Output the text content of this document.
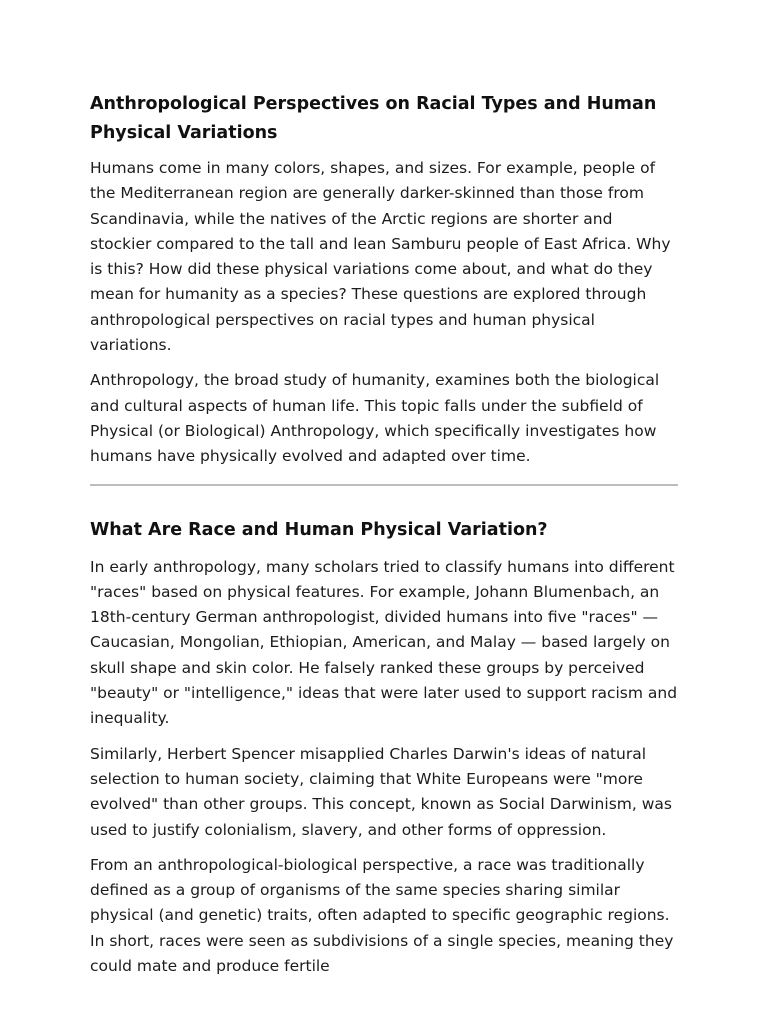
Anthropological Perspectives on Racial Types and Human Physical Variations

Humans come in many colors, shapes, and sizes. For example, people of the Mediterranean region are generally darker-skinned than those from Scandinavia, while the natives of the Arctic regions are shorter and stockier compared to the tall and lean Samburu people of East Africa. Why is this? How did these physical variations come about, and what do they mean for humanity as a species? These questions are explored through anthropological perspectives on racial types and human physical variations.

Anthropology, the broad study of humanity, examines both the biological and cultural aspects of human life. This topic falls under the subfield of Physical (or Biological) Anthropology, which specifically investigates how humans have physically evolved and adapted over time.

What Are Race and Human Physical Variation?

In early anthropology, many scholars tried to classify humans into different "races" based on physical features. For example, Johann Blumenbach, an 18th-century German anthropologist, divided humans into five "races" — Caucasian, Mongolian, Ethiopian, American, and Malay — based largely on skull shape and skin color. He falsely ranked these groups by perceived "beauty" or "intelligence," ideas that were later used to support racism and inequality.

Similarly, Herbert Spencer misapplied Charles Darwin's ideas of natural selection to human society, claiming that White Europeans were "more evolved" than other groups. This concept, known as Social Darwinism, was used to justify colonialism, slavery, and other forms of oppression.

From an anthropological-biological perspective, a race was traditionally defined as a group of organisms of the same species sharing similar physical (and genetic) traits, often adapted to specific geographic regions. In short, races were seen as subdivisions of a single species, meaning they could mate and produce fertile
